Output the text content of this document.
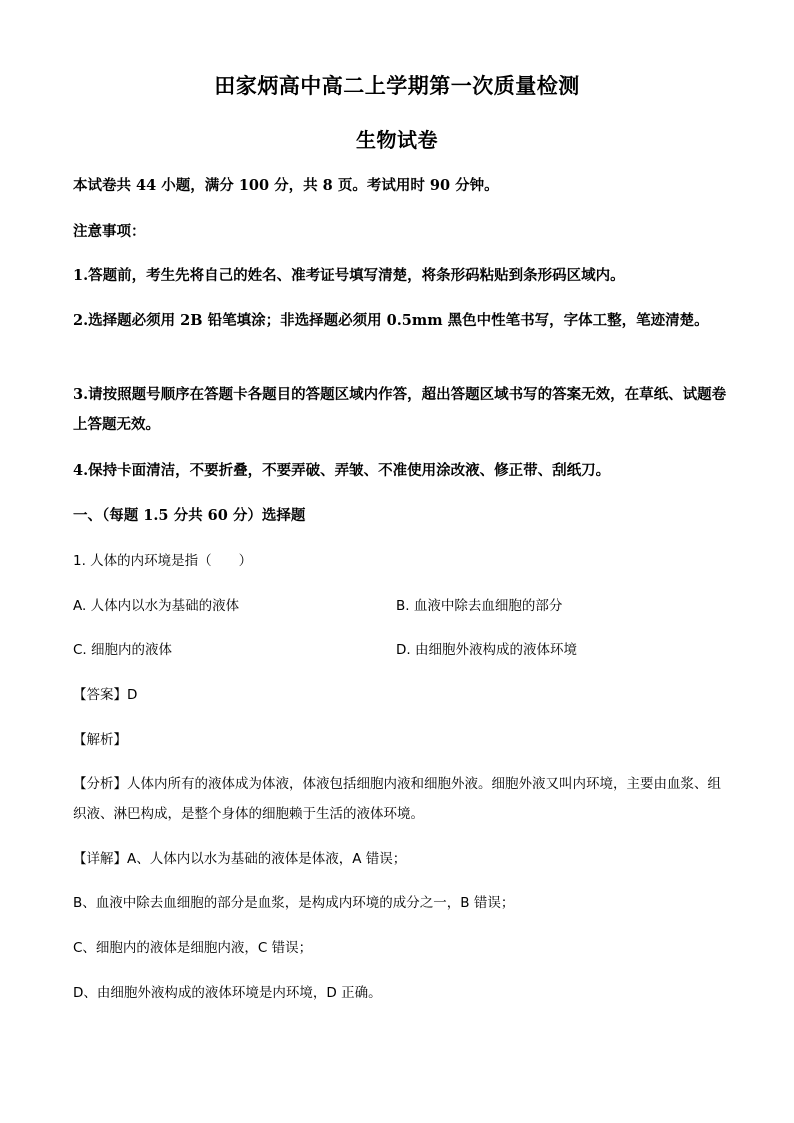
田家炳高中高二上学期第一次质量检测
生物试卷
本试卷共 44 小题，满分 100 分，共 8 页。考试用时 90 分钟。
注意事项：
1.答题前，考生先将自己的姓名、准考证号填写清楚，将条形码粘贴到条形码区域内。
2.选择题必须用 2B 铅笔填涂；非选择题必须用 0.5mm 黑色中性笔书写，字体工整，笔迹清楚。
3.请按照题号顺序在答题卡各题目的答题区域内作答，超出答题区域书写的答案无效，在草纸、试题卷上答题无效。
4.保持卡面清洁，不要折叠，不要弄破、弄皱、不准使用涂改液、修正带、刮纸刀。
一、（每题 1.5 分共 60 分）选择题
1. 人体的内环境是指（　　）
A. 人体内以水为基础的液体	B. 血液中除去血细胞的部分
C. 细胞内的液体	D. 由细胞外液构成的液体环境
【答案】D
【解析】
【分析】人体内所有的液体成为体液，体液包括细胞内液和细胞外液。细胞外液又叫内环境，主要由血浆、组织液、淋巴构成，是整个身体的细胞赖于生活的液体环境。
【详解】A、人体内以水为基础的液体是体液，A 错误；
B、血液中除去血细胞的部分是血浆，是构成内环境的成分之一，B 错误；
C、细胞内的液体是细胞内液，C 错误；
D、由细胞外液构成的液体环境是内环境，D 正确。
